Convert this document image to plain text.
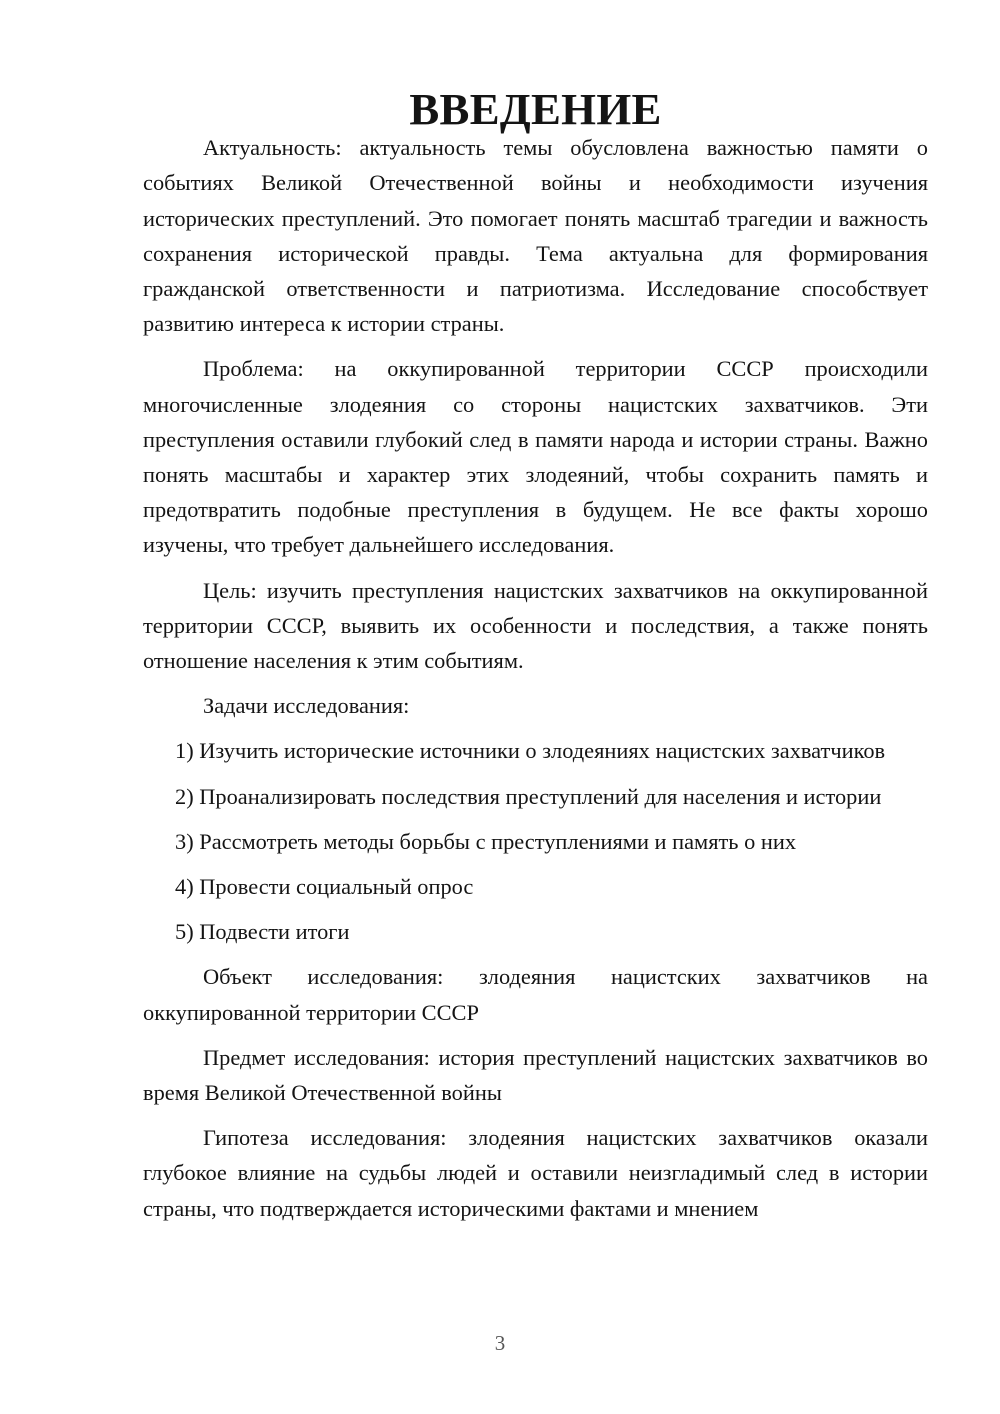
ВВЕДЕНИЕ

Актуальность: актуальность темы обусловлена важностью памяти о событиях Великой Отечественной войны и необходимости изучения исторических преступлений. Это помогает понять масштаб трагедии и важность сохранения исторической правды. Тема актуальна для формирования гражданской ответственности и патриотизма. Исследование способствует развитию интереса к истории страны.

Проблема: на оккупированной территории СССР происходили многочисленные злодеяния со стороны нацистских захватчиков. Эти преступления оставили глубокий след в памяти народа и истории страны. Важно понять масштабы и характер этих злодеяний, чтобы сохранить память и предотвратить подобные преступления в будущем. Не все факты хорошо изучены, что требует дальнейшего исследования.

Цель: изучить преступления нацистских захватчиков на оккупированной территории СССР, выявить их особенности и последствия, а также понять отношение населения к этим событиям.

Задачи исследования:

1) Изучить исторические источники о злодеяниях нацистских захватчиков

2) Проанализировать последствия преступлений для населения и истории

3) Рассмотреть методы борьбы с преступлениями и память о них

4) Провести социальный опрос

5) Подвести итоги

Объект исследования: злодеяния нацистских захватчиков на оккупированной территории СССР

Предмет исследования: история преступлений нацистских захватчиков во время Великой Отечественной войны

Гипотеза исследования: злодеяния нацистских захватчиков оказали глубокое влияние на судьбы людей и оставили неизгладимый след в истории страны, что подтверждается историческими фактами и мнением

3
